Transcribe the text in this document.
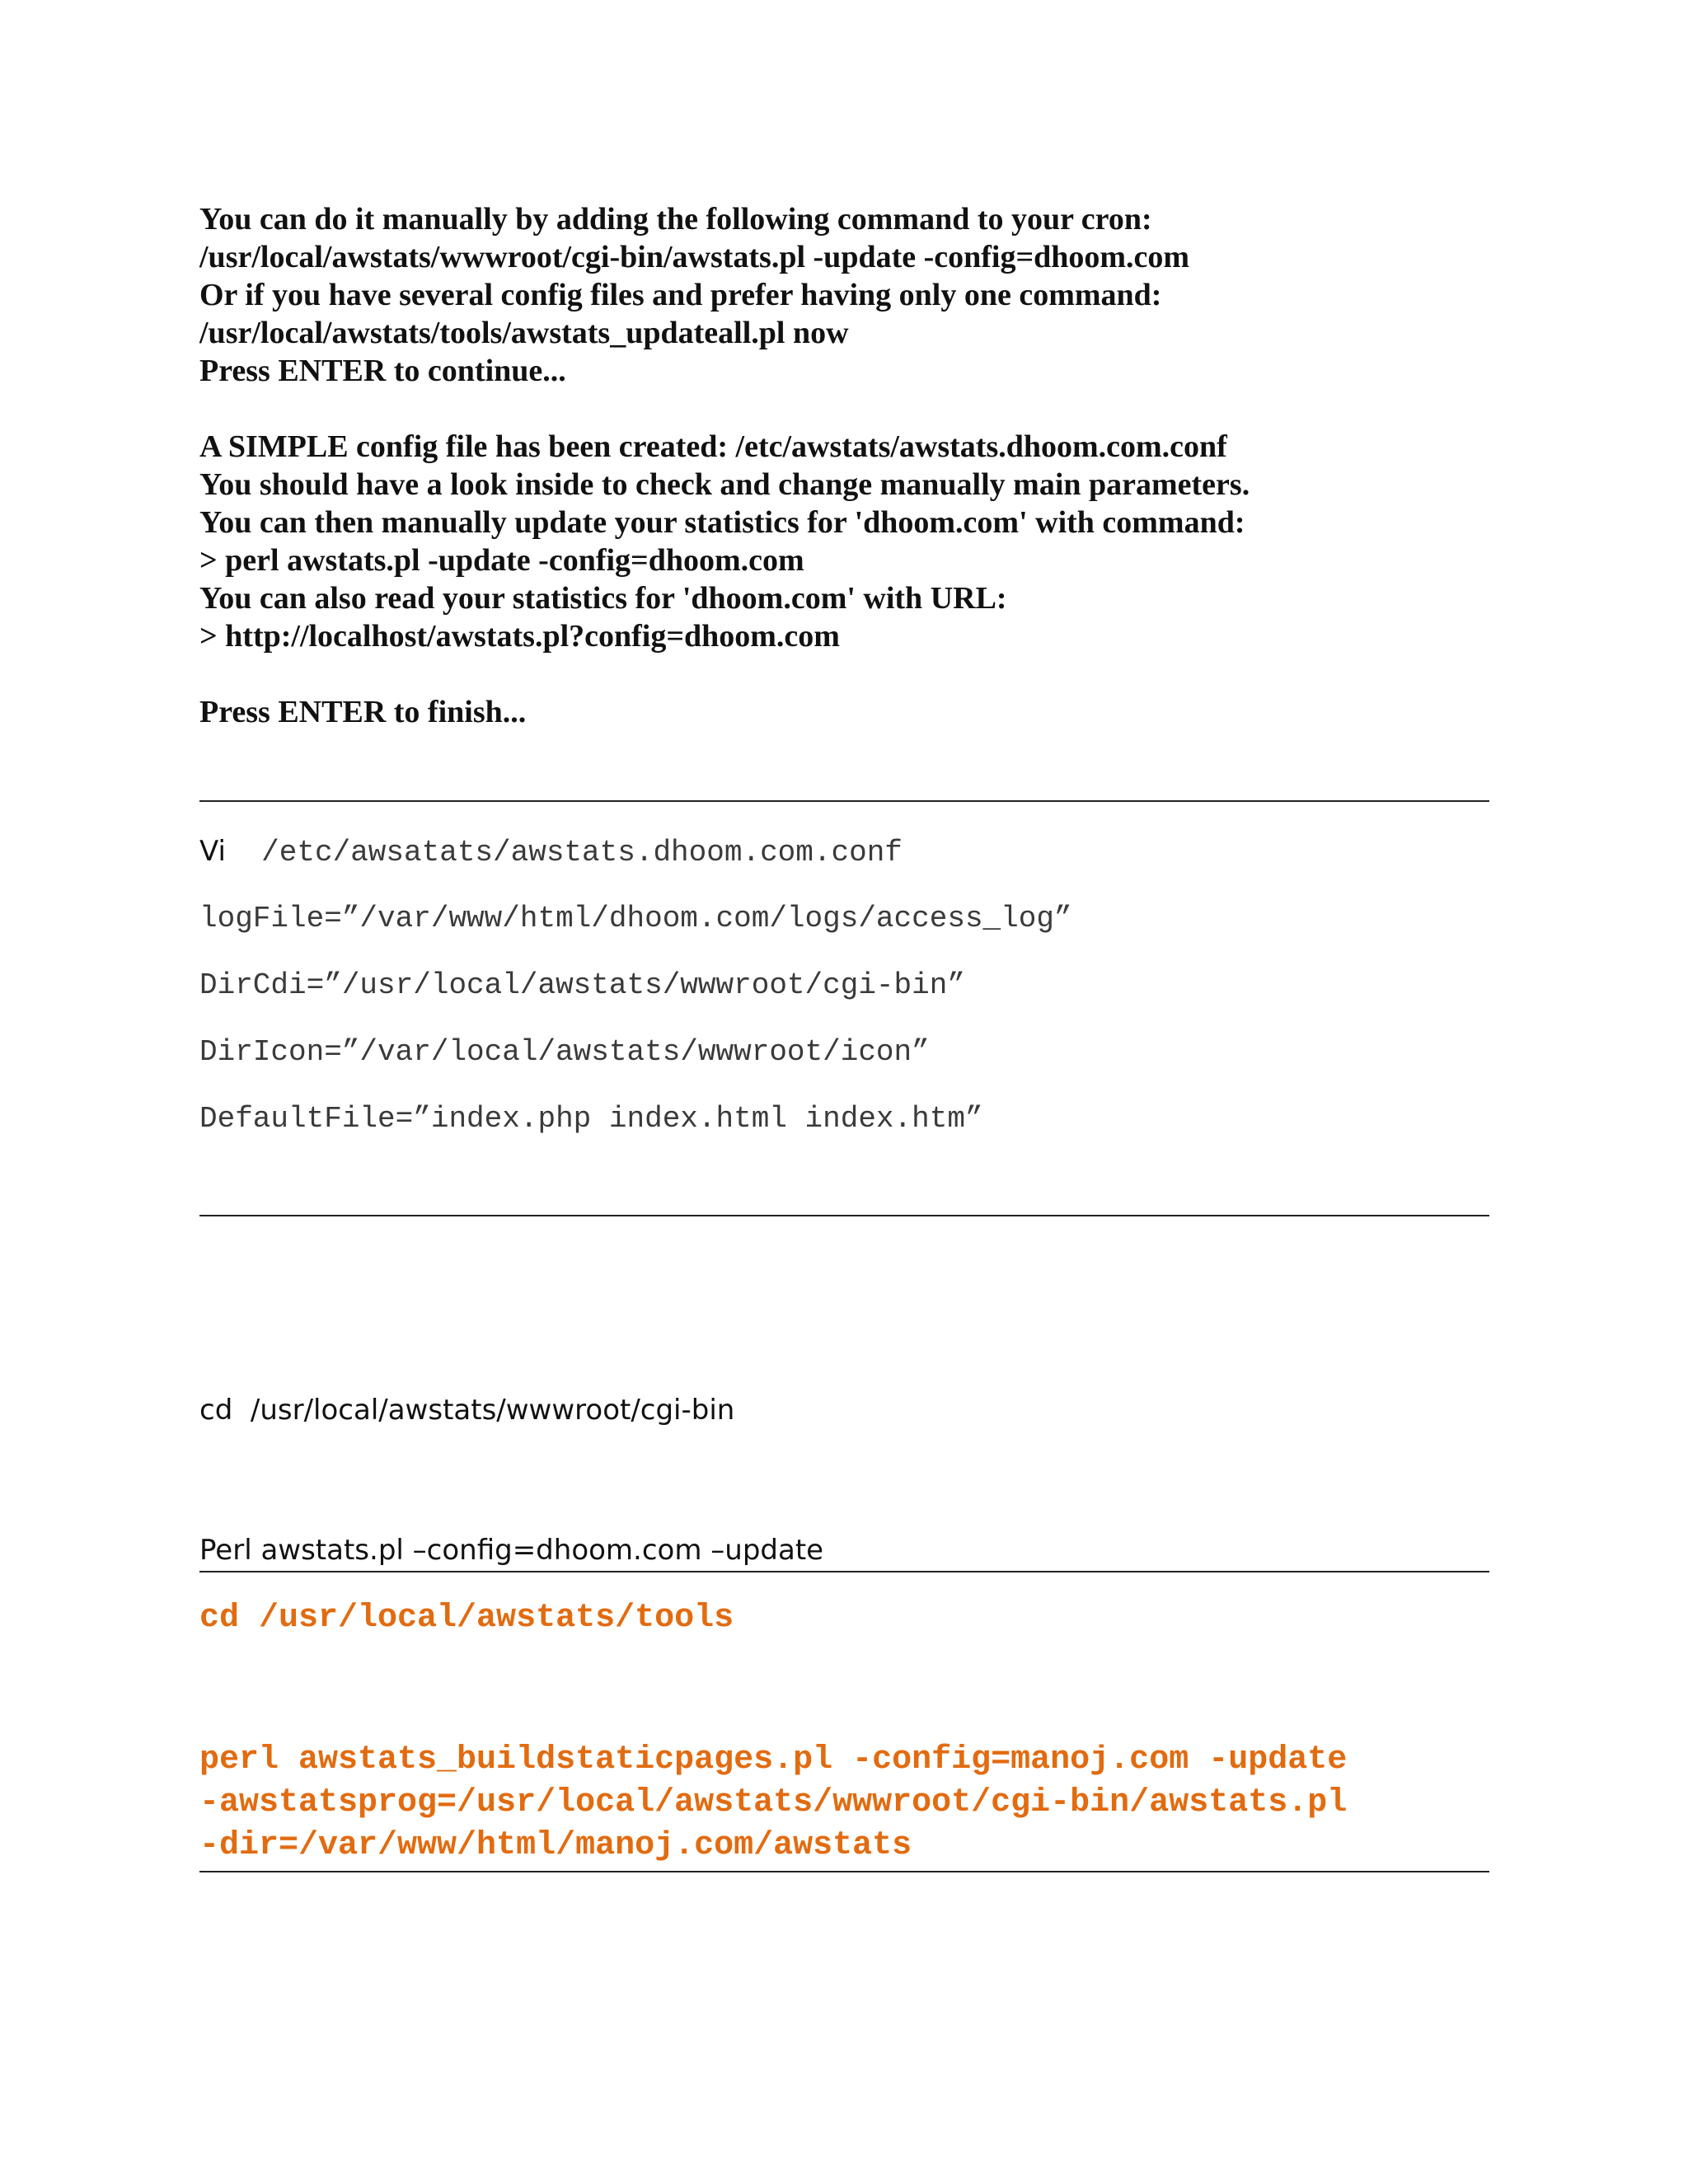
You can do it manually by adding the following command to your cron:
/usr/local/awstats/wwwroot/cgi-bin/awstats.pl -update -config=dhoom.com
Or if you have several config files and prefer having only one command:
/usr/local/awstats/tools/awstats_updateall.pl now
Press ENTER to continue...
A SIMPLE config file has been created: /etc/awstats/awstats.dhoom.com.conf
You should have a look inside to check and change manually main parameters.
You can then manually update your statistics for 'dhoom.com' with command:
> perl awstats.pl -update -config=dhoom.com
You can also read your statistics for 'dhoom.com' with URL:
> http://localhost/awstats.pl?config=dhoom.com
Press ENTER to finish...
Vi  /etc/awsatats/awstats.dhoom.com.conf
logFile=”/var/www/html/dhoom.com/logs/access_log”
DirCdi=”/usr/local/awstats/wwwroot/cgi-bin”
DirIcon=”/var/local/awstats/wwwroot/icon”
DefaultFile=”index.php index.html index.htm”
cd  /usr/local/awstats/wwwroot/cgi-bin
Perl awstats.pl –config=dhoom.com –update
cd /usr/local/awstats/tools
perl awstats_buildstaticpages.pl -config=manoj.com -update
-awstatsprog=/usr/local/awstats/wwwroot/cgi-bin/awstats.pl
-dir=/var/www/html/manoj.com/awstats
